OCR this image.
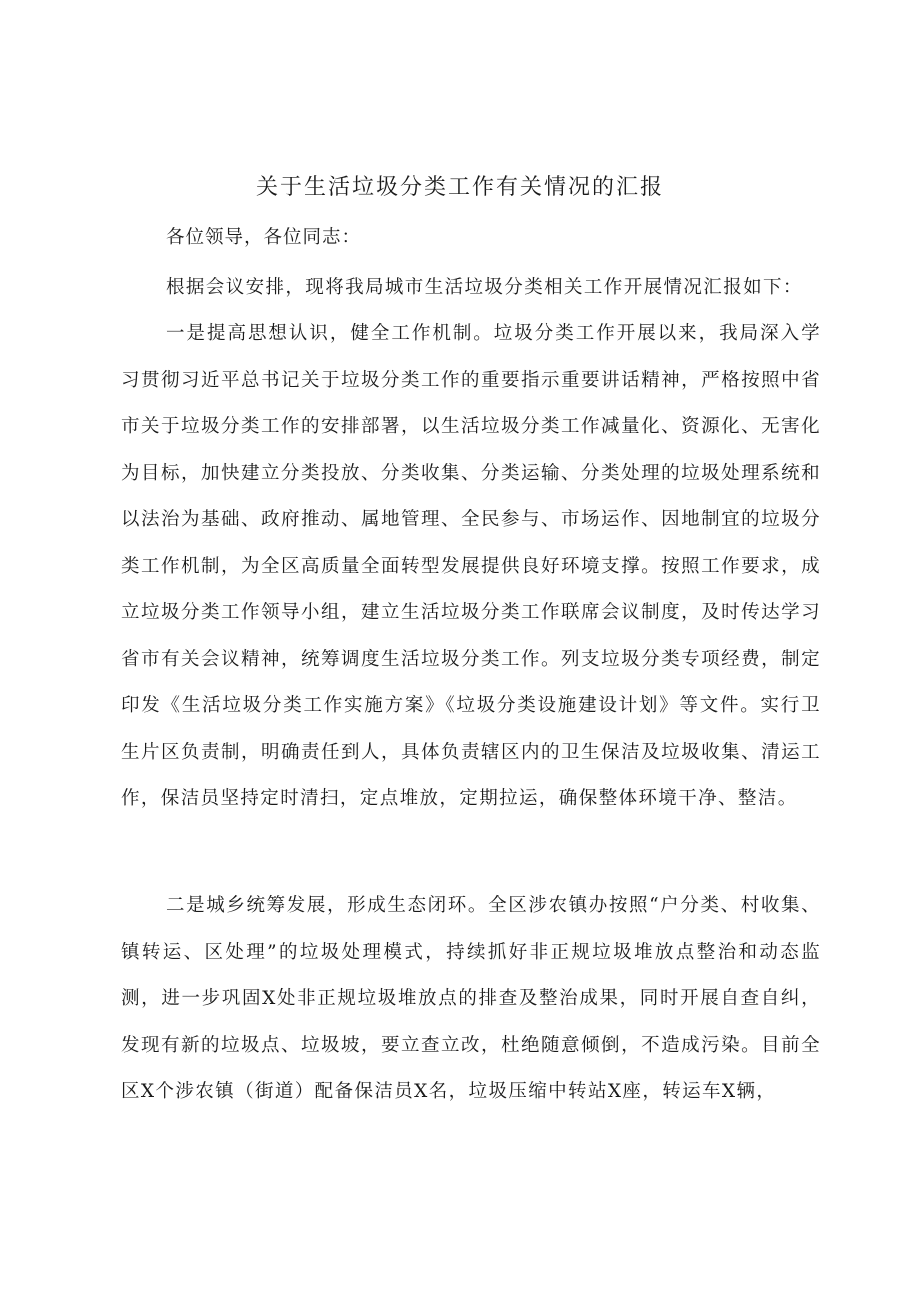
关于生活垃圾分类工作有关情况的汇报

各位领导，各位同志：

根据会议安排，现将我局城市生活垃圾分类相关工作开展情况汇报如下：

一是提高思想认识，健全工作机制。垃圾分类工作开展以来，我局深入学习贯彻习近平总书记关于垃圾分类工作的重要指示重要讲话精神，严格按照中省市关于垃圾分类工作的安排部署，以生活垃圾分类工作减量化、资源化、无害化为目标，加快建立分类投放、分类收集、分类运输、分类处理的垃圾处理系统和以法治为基础、政府推动、属地管理、全民参与、市场运作、因地制宜的垃圾分类工作机制，为全区高质量全面转型发展提供良好环境支撑。按照工作要求，成立垃圾分类工作领导小组，建立生活垃圾分类工作联席会议制度，及时传达学习省市有关会议精神，统筹调度生活垃圾分类工作。列支垃圾分类专项经费，制定印发《生活垃圾分类工作实施方案》《垃圾分类设施建设计划》等文件。实行卫生片区负责制，明确责任到人，具体负责辖区内的卫生保洁及垃圾收集、清运工作，保洁员坚持定时清扫，定点堆放，定期拉运，确保整体环境干净、整洁。

二是城乡统筹发展，形成生态闭环。全区涉农镇办按照“户分类、村收集、镇转运、区处理”的垃圾处理模式，持续抓好非正规垃圾堆放点整治和动态监测，进一步巩固X处非正规垃圾堆放点的排查及整治成果，同时开展自查自纠，发现有新的垃圾点、垃圾坡，要立查立改，杜绝随意倾倒，不造成污染。目前全区X个涉农镇（街道）配备保洁员X名，垃圾压缩中转站X座，转运车X辆，
